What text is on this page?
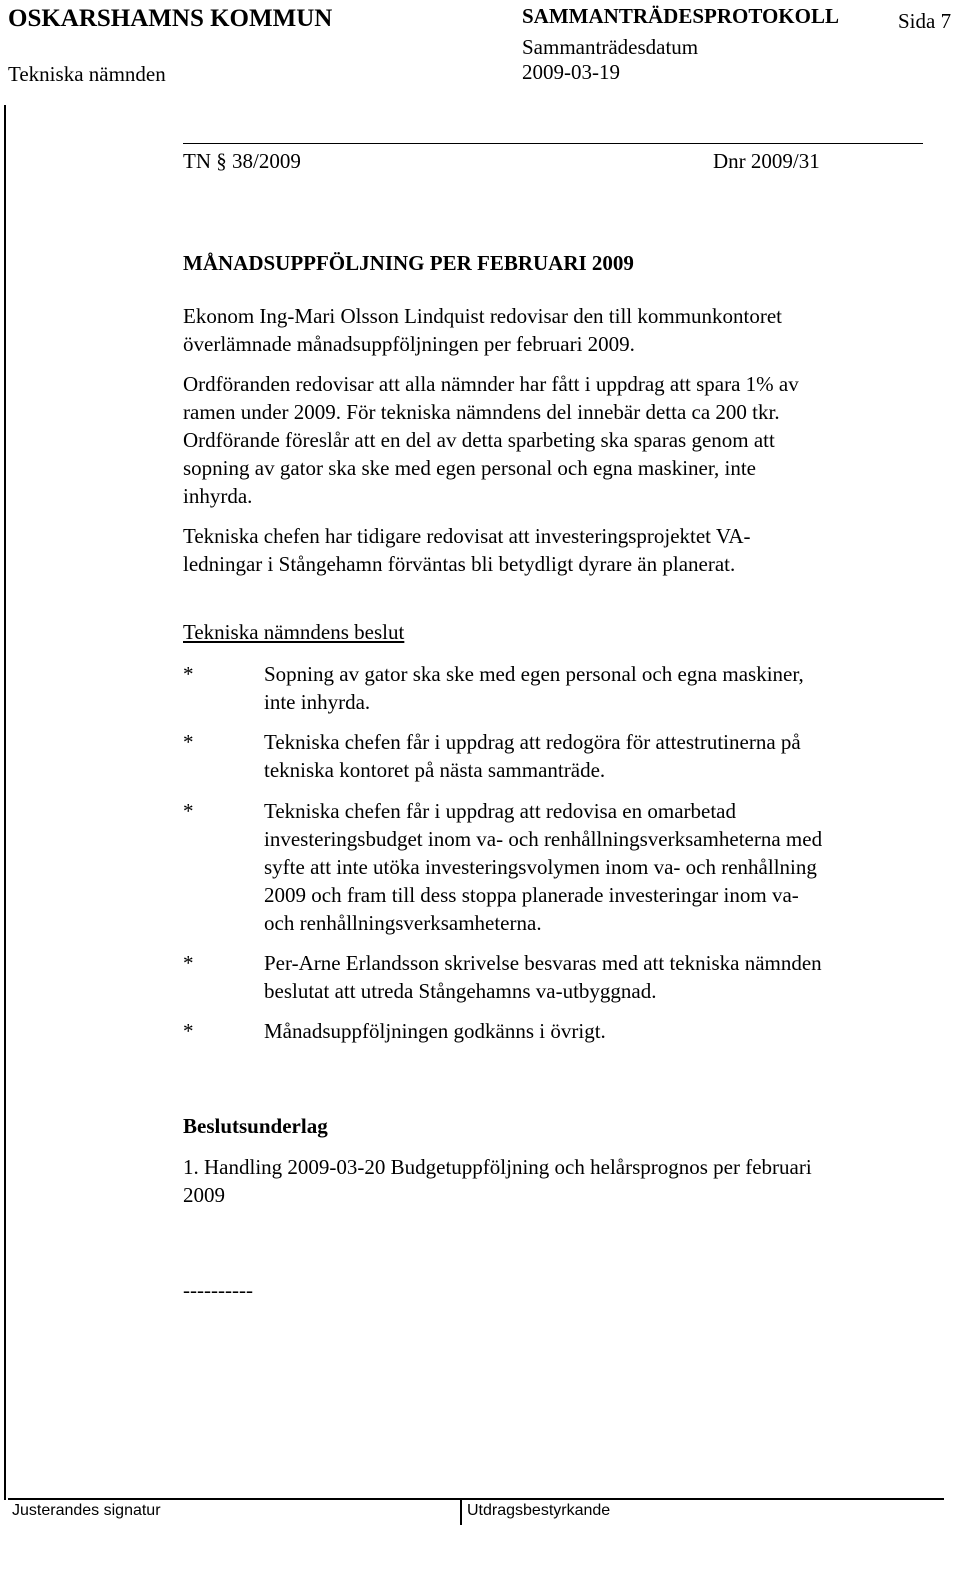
OSKARSHAMNS KOMMUN
Tekniska nämnden
SAMMANTRÄDESPROTOKOLL
Sammanträdesdatum
2009-03-19
Sida 7
TN § 38/2009	Dnr 2009/31
MÅNADSUPPFÖLJNING PER FEBRUARI 2009
Ekonom Ing-Mari Olsson Lindquist redovisar den till kommunkontoret
överlämnade månadsuppföljningen per februari 2009.
Ordföranden redovisar att alla nämnder har fått i uppdrag att spara 1% av
ramen under 2009. För tekniska nämndens del innebär detta ca 200 tkr.
Ordförande föreslår att en del av detta sparbeting ska sparas genom att
sopning av gator ska ske med egen personal och egna maskiner, inte
inhyrda.
Tekniska chefen har tidigare redovisat att investeringsprojektet VA-
ledningar i Stångehamn förväntas bli betydligt dyrare än planerat.
Tekniska nämndens beslut
*	Sopning av gator ska ske med egen personal och egna maskiner,
inte inhyrda.
*	Tekniska chefen får i uppdrag att redogöra för attestrutinerna på
tekniska kontoret på nästa sammanträde.
*	Tekniska chefen får i uppdrag att redovisa en omarbetad
investeringsbudget inom va- och renhållningsverksamheterna med
syfte att inte utöka investeringsvolymen inom va- och renhållning
2009 och fram till dess stoppa planerade investeringar inom va-
och renhållningsverksamheterna.
*	Per-Arne Erlandsson skrivelse besvaras med att tekniska nämnden
beslutat att utreda Stångehamns va-utbyggnad.
*	Månadsuppföljningen godkänns i övrigt.
Beslutsunderlag
1. Handling 2009-03-20 Budgetuppföljning och helårsprognos per februari
2009
----------
Justerandes signatur	Utdragsbestyrkande
